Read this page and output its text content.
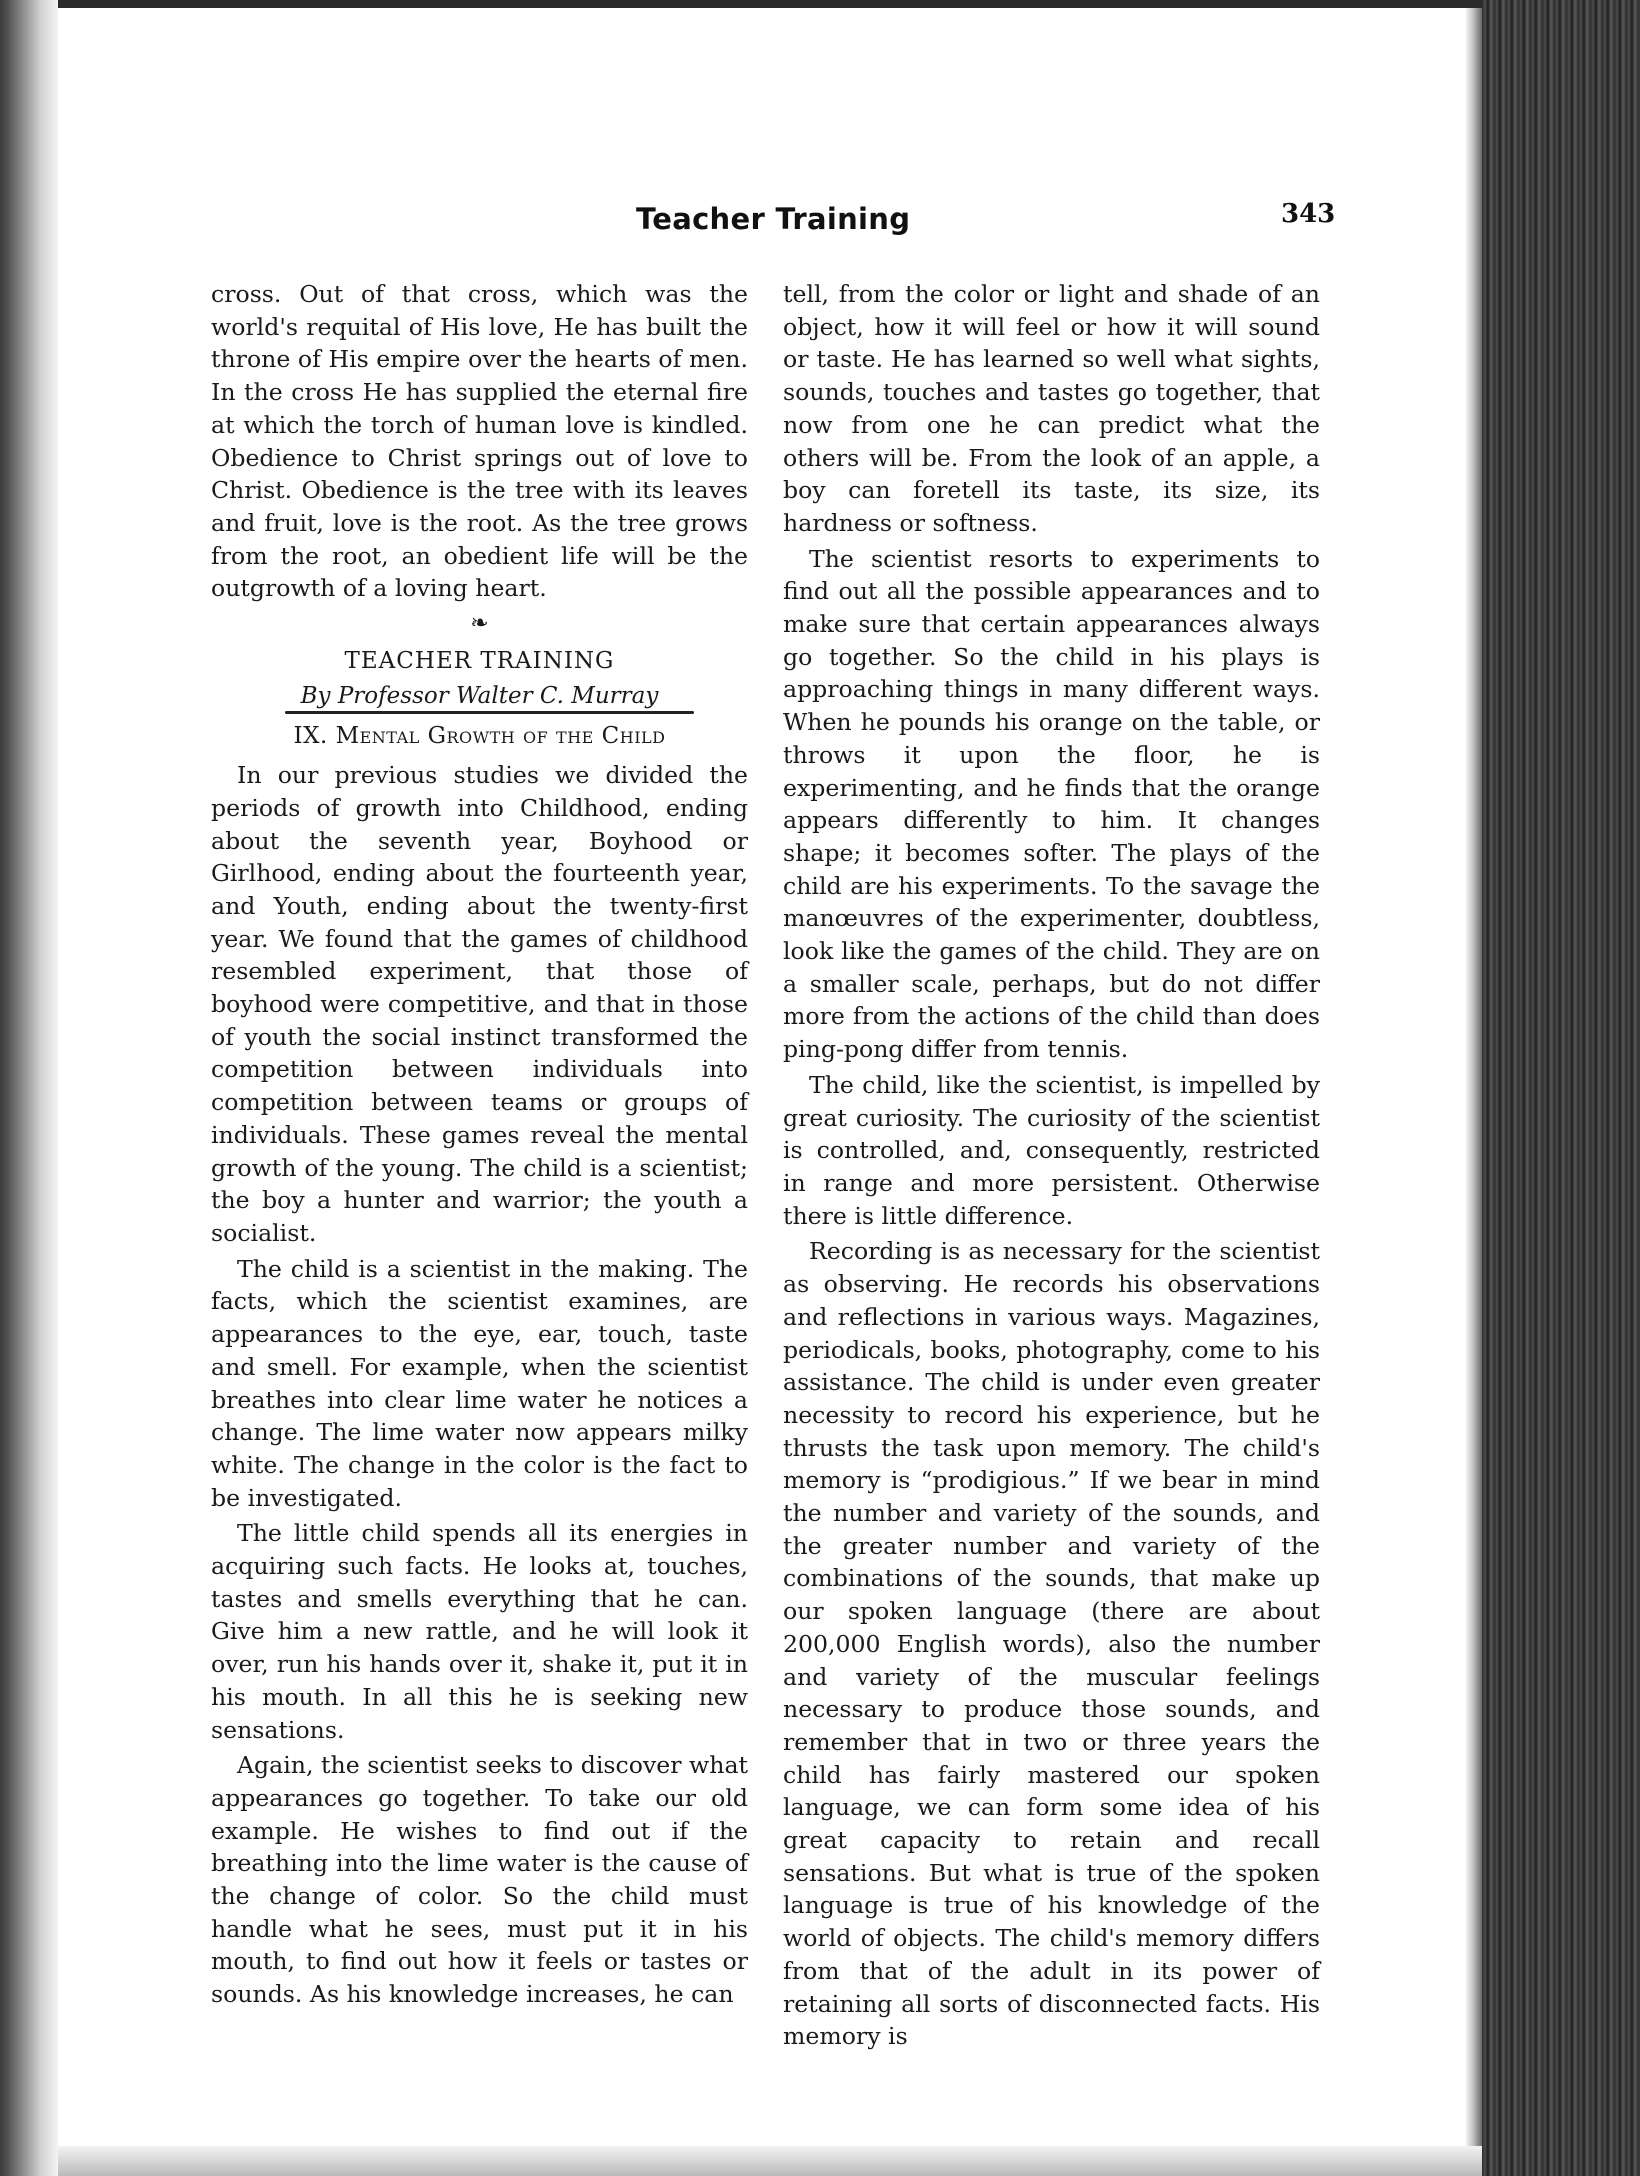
Teacher Training	343

cross. Out of that cross, which was the world's requital of His love, He has built the throne of His empire over the hearts of men. In the cross He has supplied the eternal fire at which the torch of human love is kindled. Obedience to Christ springs out of love to Christ. Obedience is the tree with its leaves and fruit, love is the root. As the tree grows from the root, an obedient life will be the outgrowth of a loving heart.

❧
TEACHER TRAINING
By Professor Walter C. Murray
IX. Mental Growth of the Child

In our previous studies we divided the periods of growth into Childhood, ending about the seventh year, Boyhood or Girlhood, ending about the fourteenth year, and Youth, ending about the twenty-first year. We found that the games of childhood resembled experiment, that those of boyhood were competitive, and that in those of youth the social instinct transformed the competition between individuals into competition between teams or groups of individuals. These games reveal the mental growth of the young. The child is a scientist; the boy a hunter and warrior; the youth a socialist.

The child is a scientist in the making. The facts, which the scientist examines, are appearances to the eye, ear, touch, taste and smell. For example, when the scientist breathes into clear lime water he notices a change. The lime water now appears milky white. The change in the color is the fact to be investigated.

The little child spends all its energies in acquiring such facts. He looks at, touches, tastes and smells everything that he can. Give him a new rattle, and he will look it over, run his hands over it, shake it, put it in his mouth. In all this he is seeking new sensations.

Again, the scientist seeks to discover what appearances go together. To take our old example. He wishes to find out if the breathing into the lime water is the cause of the change of color. So the child must handle what he sees, must put it in his mouth, to find out how it feels or tastes or sounds. As his knowledge increases, he can

tell, from the color or light and shade of an object, how it will feel or how it will sound or taste. He has learned so well what sights, sounds, touches and tastes go together, that now from one he can predict what the others will be. From the look of an apple, a boy can foretell its taste, its size, its hardness or softness.

The scientist resorts to experiments to find out all the possible appearances and to make sure that certain appearances always go together. So the child in his plays is approaching things in many different ways. When he pounds his orange on the table, or throws it upon the floor, he is experimenting, and he finds that the orange appears differently to him. It changes shape; it becomes softer. The plays of the child are his experiments. To the savage the manœuvres of the experimenter, doubtless, look like the games of the child. They are on a smaller scale, perhaps, but do not differ more from the actions of the child than does ping-pong differ from tennis.

The child, like the scientist, is impelled by great curiosity. The curiosity of the scientist is controlled, and, consequently, restricted in range and more persistent. Otherwise there is little difference.

Recording is as necessary for the scientist as observing. He records his observations and reflections in various ways. Magazines, periodicals, books, photography, come to his assistance. The child is under even greater necessity to record his experience, but he thrusts the task upon memory. The child's memory is “prodigious.” If we bear in mind the number and variety of the sounds, and the greater number and variety of the combinations of the sounds, that make up our spoken language (there are about 200,000 English words), also the number and variety of the muscular feelings necessary to produce those sounds, and remember that in two or three years the child has fairly mastered our spoken language, we can form some idea of his great capacity to retain and recall sensations. But what is true of the spoken language is true of his knowledge of the world of objects. The child's memory differs from that of the adult in its power of retaining all sorts of disconnected facts. His memory is
